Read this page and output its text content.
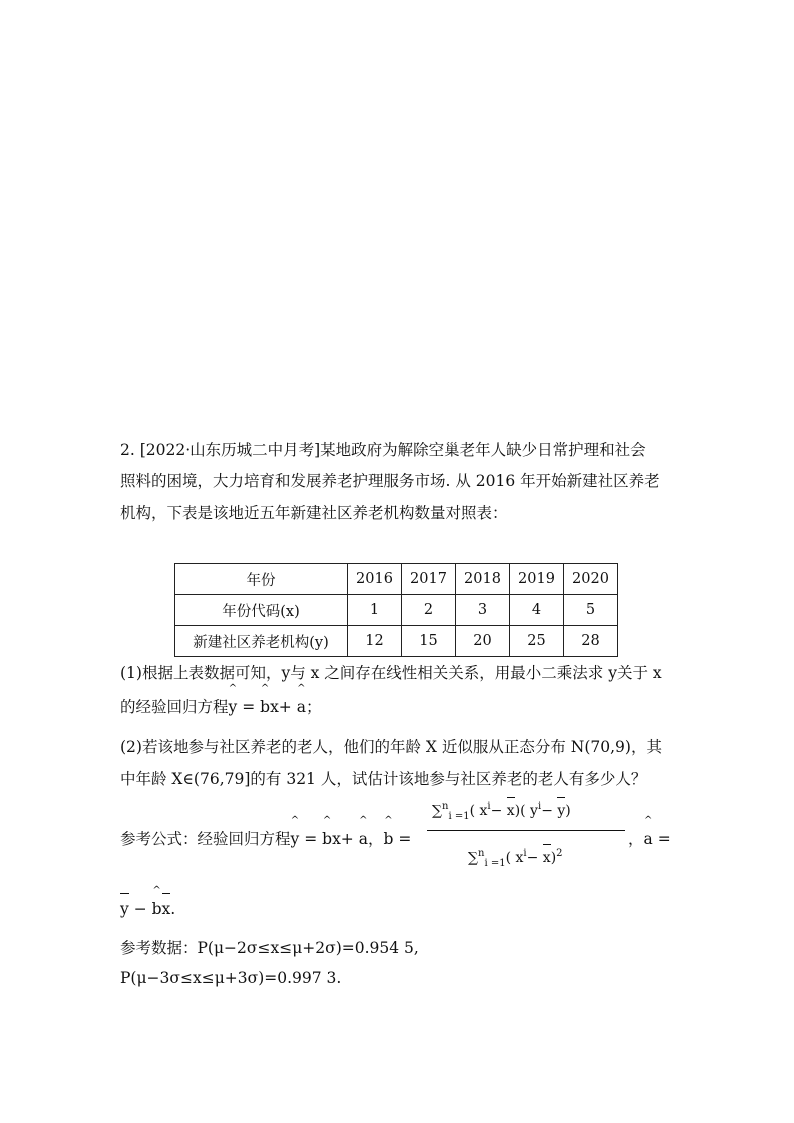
2. [2022·山东历城二中月考]某地政府为解除空巢老年人缺少日常护理和社会
照料的困境，大力培育和发展养老护理服务市场. 从 2016 年开始新建社区养老
机构，下表是该地近五年新建社区养老机构数量对照表：
年份	2016	2017	2018	2019	2020
年份代码(x)	1	2	3	4	5
新建社区养老机构(y)	12	15	20	25	28
(1)根据上表数据可知，y与 x 之间存在线性相关关系，用最小二乘法求 y关于 x
的经验回归方程^ y = ^ bx+ ^ a；
(2)若该地参与社区养老的老人，他们的年龄 X 近似服从正态分布 N(70,9)，其
中年龄 X∈(76,79]的有 321 人，试估计该地参与社区养老的老人有多少人？
参考公式：经验回归方程^ y = ^ bx+ ^ a，^ b =
∑$^n_{i =1}$( $x^i- x$)( $y^i- y$)
∑$^n_{i =1}$( $x^i- x)^2$
，^ a =
y − ^ bx.
参考数据：P(μ−2σ≤x≤μ+2σ)=0.954 5,
P(μ−3σ≤x≤μ+3σ)=0.997 3.
